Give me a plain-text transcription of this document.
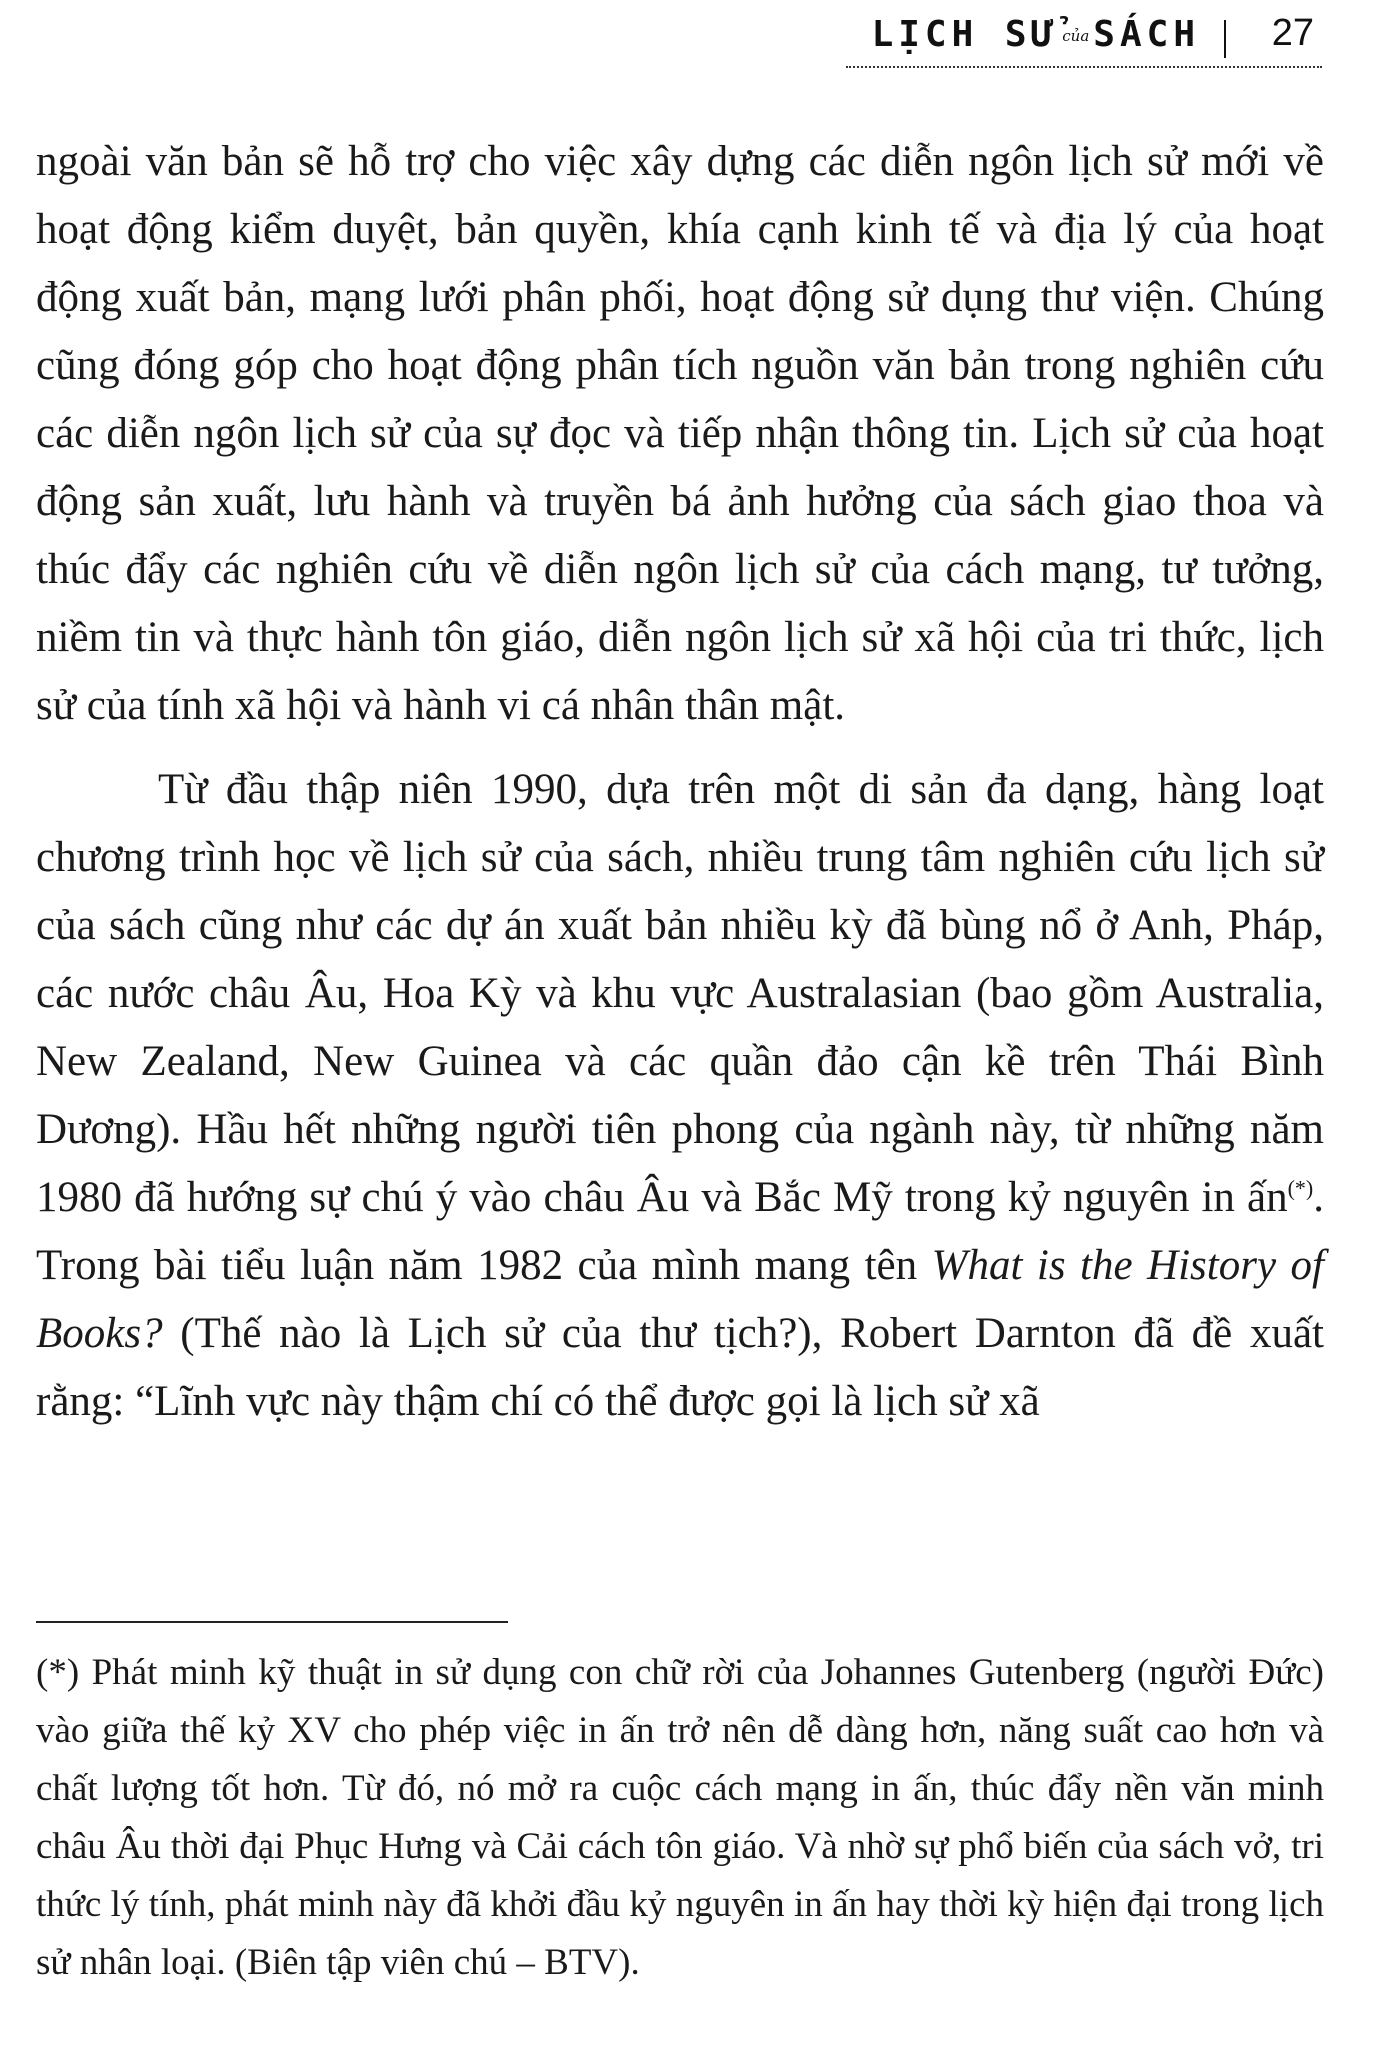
LỊCH SỬ của SÁCH 27

ngoài văn bản sẽ hỗ trợ cho việc xây dựng các diễn ngôn lịch sử mới về hoạt động kiểm duyệt, bản quyền, khía cạnh kinh tế và địa lý của hoạt động xuất bản, mạng lưới phân phối, hoạt động sử dụng thư viện. Chúng cũng đóng góp cho hoạt động phân tích nguồn văn bản trong nghiên cứu các diễn ngôn lịch sử của sự đọc và tiếp nhận thông tin. Lịch sử của hoạt động sản xuất, lưu hành và truyền bá ảnh hưởng của sách giao thoa và thúc đẩy các nghiên cứu về diễn ngôn lịch sử của cách mạng, tư tưởng, niềm tin và thực hành tôn giáo, diễn ngôn lịch sử xã hội của tri thức, lịch sử của tính xã hội và hành vi cá nhân thân mật.

Từ đầu thập niên 1990, dựa trên một di sản đa dạng, hàng loạt chương trình học về lịch sử của sách, nhiều trung tâm nghiên cứu lịch sử của sách cũng như các dự án xuất bản nhiều kỳ đã bùng nổ ở Anh, Pháp, các nước châu Âu, Hoa Kỳ và khu vực Australasian (bao gồm Australia, New Zealand, New Guinea và các quần đảo cận kề trên Thái Bình Dương). Hầu hết những người tiên phong của ngành này, từ những năm 1980 đã hướng sự chú ý vào châu Âu và Bắc Mỹ trong kỷ nguyên in ấn(*). Trong bài tiểu luận năm 1982 của mình mang tên What is the History of Books? (Thế nào là Lịch sử của thư tịch?), Robert Darnton đã đề xuất rằng: “Lĩnh vực này thậm chí có thể được gọi là lịch sử xã

(*) Phát minh kỹ thuật in sử dụng con chữ rời của Johannes Gutenberg (người Đức) vào giữa thế kỷ XV cho phép việc in ấn trở nên dễ dàng hơn, năng suất cao hơn và chất lượng tốt hơn. Từ đó, nó mở ra cuộc cách mạng in ấn, thúc đẩy nền văn minh châu Âu thời đại Phục Hưng và Cải cách tôn giáo. Và nhờ sự phổ biến của sách vở, tri thức lý tính, phát minh này đã khởi đầu kỷ nguyên in ấn hay thời kỳ hiện đại trong lịch sử nhân loại. (Biên tập viên chú – BTV).
